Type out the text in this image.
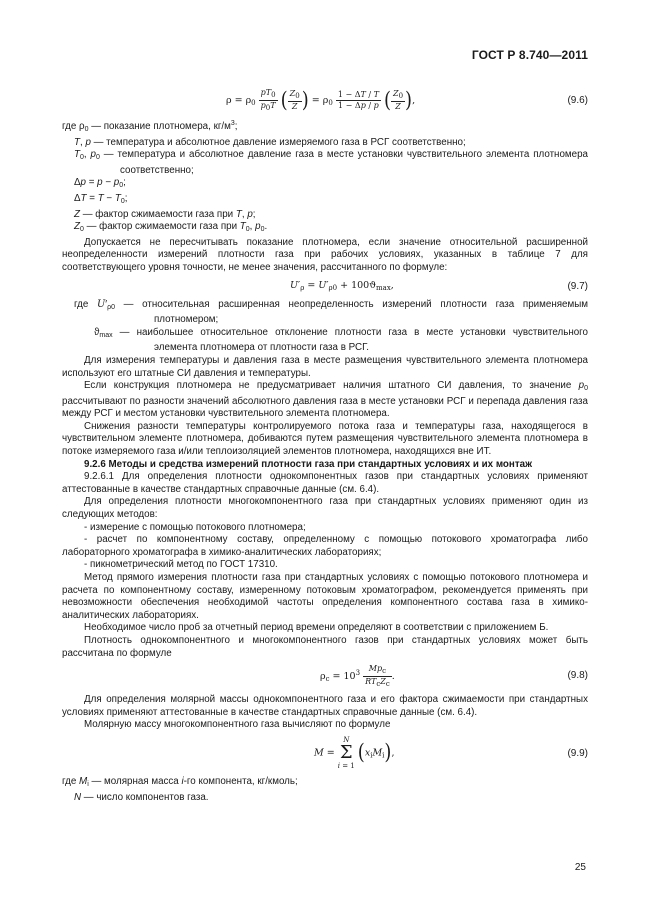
ГОСТ Р 8.740—2011
$\rho = \rho_0 \frac{pT0}{p0T}$ ( $\frac{Z0}{Z}$ ) = $\rho_0 \frac{1 - \Delta T / T}{1 - \Delta p / p}$ ( $\frac{Z0}{Z}$ ),	(9.6)

где $\rho_0$ — показание плотномера, $кг/м^3$;

T, p — температура и абсолютное давление измеряемого газа в РСГ соответственно;

$T_0$, $p_0$ — температура и абсолютное давление газа в месте установки чувствительного элемента плотномера соответственно;

$\Delta p = p - p_0$;

$\Delta T = T - T_0$;

Z — фактор сжимаемости газа при T, p;

$Z_0$ — фактор сжимаемости газа при $T_0$, $p_0$.

Допускается не пересчитывать показание плотномера, если значение относительной расширенной неопределенности измерений плотности газа при рабочих условиях, указанных в таблице 7 для соответствующего уровня точности, не менее значения, рассчитанного по формуле:

$U'_\rho = U'_{\rho 0} + 100ϑ_{max}$,	(9.7)

где $U'_{\rho 0}$ — относительная расширенная неопределенность измерений плотности газа применяемым плотномером;

$ϑ_{max}$ — наибольшее относительное отклонение плотности газа в месте установки чувствительного элемента плотномера от плотности газа в РСГ.

Для измерения температуры и давления газа в месте размещения чувствительного элемента плотномера используют его штатные СИ давления и температуры.

Если конструкция плотномера не предусматривает наличия штатного СИ давления, то значение $p_0$ рассчитывают по разности значений абсолютного давления газа в месте установки РСГ и перепада давления газа между РСГ и местом установки чувствительного элемента плотномера.

Снижения разности температуры контролируемого потока газа и температуры газа, находящегося в чувствительном элементе плотномера, добиваются путем размещения чувствительного элемента плотномера в потоке измеряемого газа и/или теплоизоляцией элементов плотномера, находящихся вне ИТ.

9.2.6 Методы и средства измерений плотности газа при стандартных условиях и их монтаж

9.2.6.1 Для определения плотности однокомпонентных газов при стандартных условиях применяют аттестованные в качестве стандартных справочные данные (см. 6.4).

Для определения плотности многокомпонентного газа при стандартных условиях применяют один из следующих методов:

- измерение с помощью потокового плотномера;

- расчет по компонентному составу, определенному с помощью потокового хроматографа либо лабораторного хроматографа в химико-аналитических лабораториях;

- пикнометрический метод по ГОСТ 17310.

Метод прямого измерения плотности газа при стандартных условиях с помощью потокового плотномера и расчета по компонентному составу, измеренному потоковым хроматографом, рекомендуется применять при невозможности обеспечения необходимой частоты определения компонентного состава газа в химико-аналитических лабораториях.

Необходимое число проб за отчетный период времени определяют в соответствии с приложением Б.

Плотность однокомпонентного и многокомпонентного газов при стандартных условиях может быть рассчитана по формуле

$\rho_c = 10^3 \frac{\text{Mpc}}{\text{RTcZc}}$ .	(9.8)

Для определения молярной массы однокомпонентного газа и его фактора сжимаемости при стандартных условиях применяют аттестованные в качестве стандартных справочные данные (см. 6.4).

Молярную массу многокомпонентного газа вычисляют по формуле

M = N
Σ
i = 1 $(x_iM_i)$,	(9.9)

где $M_i$ — молярная масса i-го компонента, кг/кмоль;

N — число компонентов газа.

25
